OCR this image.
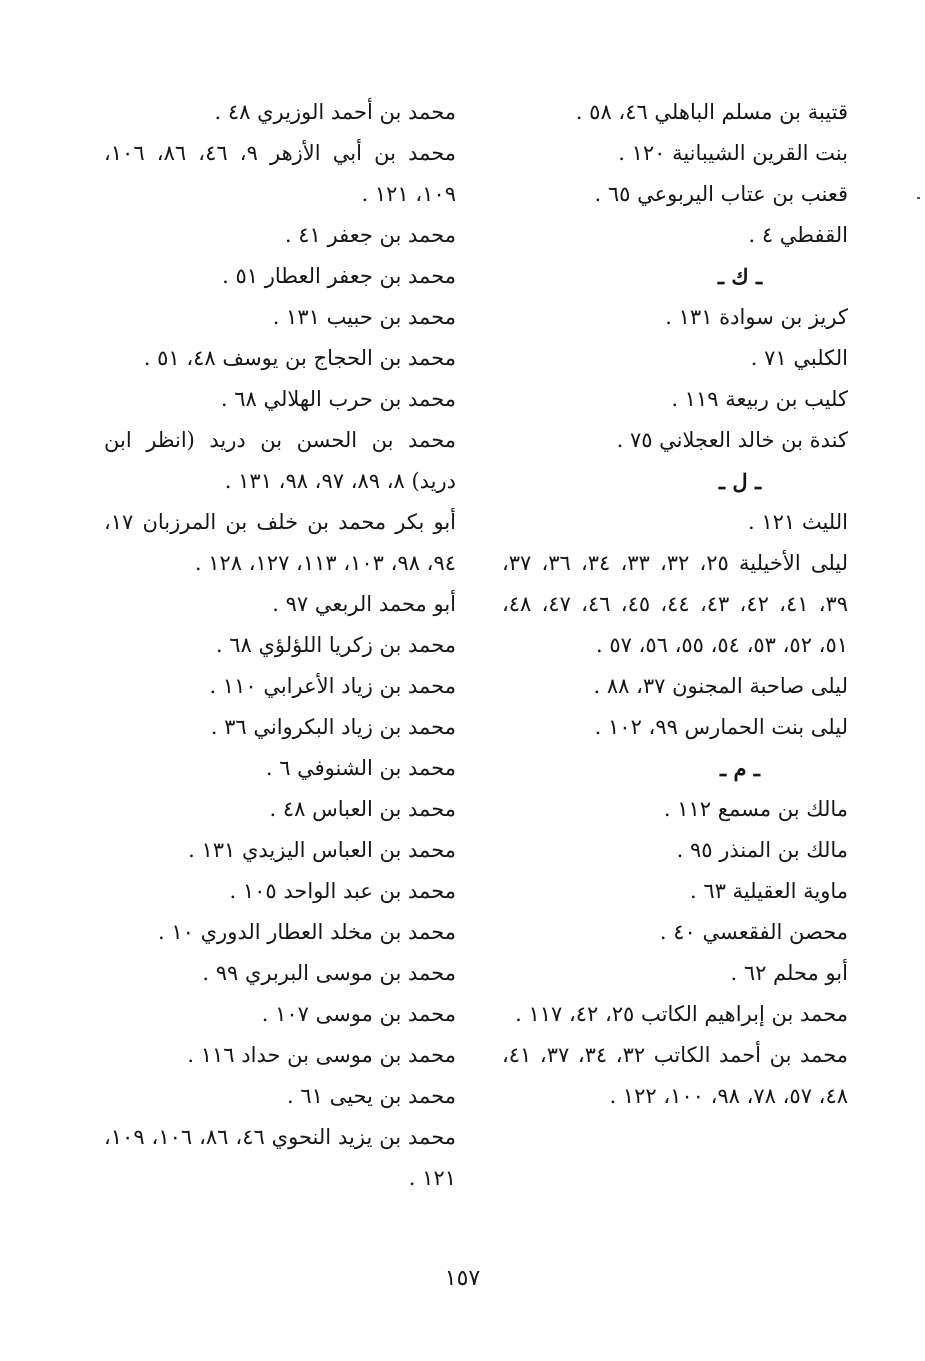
قتيبة بن مسلم الباهلي ٤٦، ٥٨ .
بنت القرين الشيبانية ١٢٠ .
قعنب بن عتاب اليربوعي ٦٥ .
القفطي ٤ .
ـ ك ـ
كريز بن سوادة ١٣١ .
الكلبي ٧١ .
كليب بن ربيعة ١١٩ .
كندة بن خالد العجلاني ٧٥ .
ـ ل ـ
الليث ١٢١ .
ليلى الأخيلية ٢٥، ٣٢، ٣٣، ٣٤، ٣٦، ٣٧، ٣٩، ٤١، ٤٢، ٤٣، ٤٤، ٤٥، ٤٦، ٤٧، ٤٨، ٥١، ٥٢، ٥٣، ٥٤، ٥٥، ٥٦، ٥٧ .
ليلى صاحبة المجنون ٣٧، ٨٨ .
ليلى بنت الحمارس ٩٩، ١٠٢ .
ـ م ـ
مالك بن مسمع ١١٢ .
مالك بن المنذر ٩٥ .
ماوية العقيلية ٦٣ .
محصن الفقعسي ٤٠ .
أبو محلم ٦٢ .
محمد بن إبراهيم الكاتب ٢٥، ٤٢، ١١٧ .
محمد بن أحمد الكاتب ٣٢، ٣٤، ٣٧، ٤١، ٤٨، ٥٧، ٧٨، ٩٨، ١٠٠، ١٢٢ .
محمد بن أحمد الوزيري ٤٨ .
محمد بن أبي الأزهر ٩، ٤٦، ٨٦، ١٠٦، ١٠٩، ١٢١ .
محمد بن جعفر ٤١ .
محمد بن جعفر العطار ٥١ .
محمد بن حبيب ١٣١ .
محمد بن الحجاج بن يوسف ٤٨، ٥١ .
محمد بن حرب الهلالي ٦٨ .
محمد بن الحسن بن دريد (انظر ابن دريد) ٨، ٨٩، ٩٧، ٩٨، ١٣١ .
أبو بكر محمد بن خلف بن المرزبان ١٧، ٩٤، ٩٨، ١٠٣، ١١٣، ١٢٧، ١٢٨ .
أبو محمد الربعي ٩٧ .
محمد بن زكريا اللؤلؤي ٦٨ .
محمد بن زياد الأعرابي ١١٠ .
محمد بن زياد البكرواني ٣٦ .
محمد بن الشنوفي ٦ .
محمد بن العباس ٤٨ .
محمد بن العباس اليزيدي ١٣١ .
محمد بن عبد الواحد ١٠٥ .
محمد بن مخلد العطار الدوري ١٠ .
محمد بن موسى البربري ٩٩ .
محمد بن موسى ١٠٧ .
محمد بن موسى بن حداد ١١٦ .
محمد بن يحيى ٦١ .
محمد بن يزيد النحوي ٤٦، ٨٦، ١٠٦، ١٠٩، ١٢١ .
١٥٧
